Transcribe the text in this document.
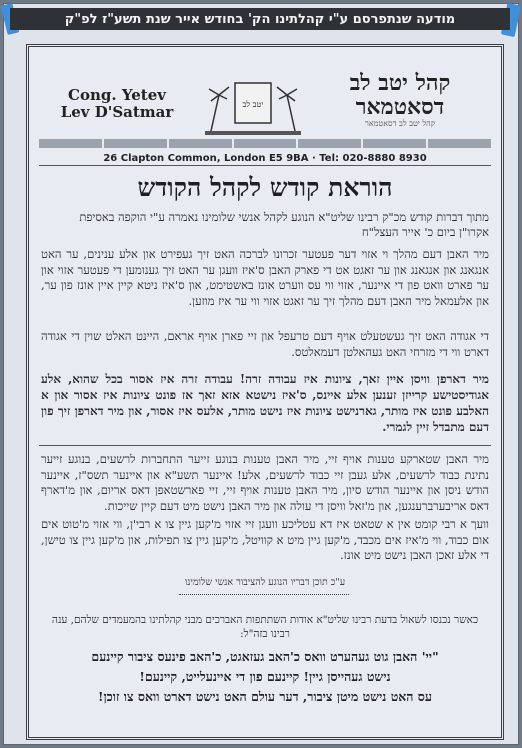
מודעה שנתפרסם ע"י קהלתינו הק' בחודש אייר שנת תשע"ז לפ"ק
Cong. Yetev Lev D'Satmar	יטב לב
קהל יטב לב דסאטמאר
קהל יטב לב דסאטמאר
26 Clapton Common, London E5 9BA · Tel: 020-8880 8930
הוראת קודש לקהל הקודש
מתוך דברות קודש מכ"ק רבינו שליט"א הנוגע לקהל אנשי שלומינו נאמרה ע"י הוקפה באסיפת אקרו"ן ביום כ' אייר העצל"ח
מיר האבן דעם מהלך וי אזוי דער פעטער זכרונו לברכה האט זיך געפירט און אלע ענינים, ער האט אנגאנג און אנגאנג און ער זאגט אט די פארק האבן ס'איז וועגן ער האט זיך גענומען די פעטער אזוי און ער פארט וואט פון די איינער, אזוי ווי עס ווערט אונז באשטימט, און ס'איז ניטא קיין איין אונז פון ער, און אלעמאל מיר האבן דעם מהלך זיך ער זאגט אזוי ווי ער איז מוזען.
די אגודה האט זיך געשטעלט אויף דעם טרעפל און זיי פארן אויף אראם, היינט האלט שוין די אגודה דארט ווי די מזרחי האט געהאלטן דעמאלטס.
מיר דארפן וויסן איין זאך, ציונות איז עבודה זרה! עבודה זרה איז אסור בכל שהוא, אלע אגודיסטישע קרייזן זענען אלע איינס, ס'איז נישטא אזא זאך אז פונט ציונות איז אסור און א האלבע פונט איז מותר, גארנישט ציונות איז נישט מותר, אלעס איז אסור, און מיר דארפן זיך פון דעם מתבדל זיין לגמרי.
מיר האבן שטארקע טענות אויף זיי, מיר האבן טענות בנוגע זייער התחברות לרשעים, בנוגע זייער נתינת כבוד לרשעים, אלע געבן זיי כבוד לרשעים, אלע! איינער תשע"א און איינער תשס"ז, איינער הודש ניסן און איינער הודש סיון, מיר האבן טענות אויף זיי, זיי פארשטאפן דאס אריום, און מ'דארף דאס אריבערברענגען, און מ'זאל וויסן די עולה און מיר האבן נישט מיט דעם קיין שייכות.
וועך א רבי קומט אין א שטאט איז דא עטליכע וועגן זיי אזוי מ'קען גיין צו א רבי'ן, ווי אזוי מ'טוט אים אום כבוד, ווי מ'איז אים מכבד, מ'קען גיין מיט א קוויטל, מ'קען גיין צו תפילות, און מ'קען גיין צו טישן, די אלע זאכן האבן נישט מיט אונז.
ע"כ תוכן דבריו הנוגע להציבור אנשי שלומינו
כאשר נכנסו לשאול בדעת רבינו שליט"א אודות השתתפות האברכים מבני קהלתינו בהמעמדים שלהם, ענה רבינו בזה"ל:
"יי' האבן גוט געהערט וואס כ'האב געזאגט, כ'האב פינעס ציבור קיינעם
נישט געהייסן גיין! קיינעם פון די איינעלייט, קיינעם!
עס האט נישט מיטן ציבור, דער עולם האט נישט דארט וואס צו זוכן!
